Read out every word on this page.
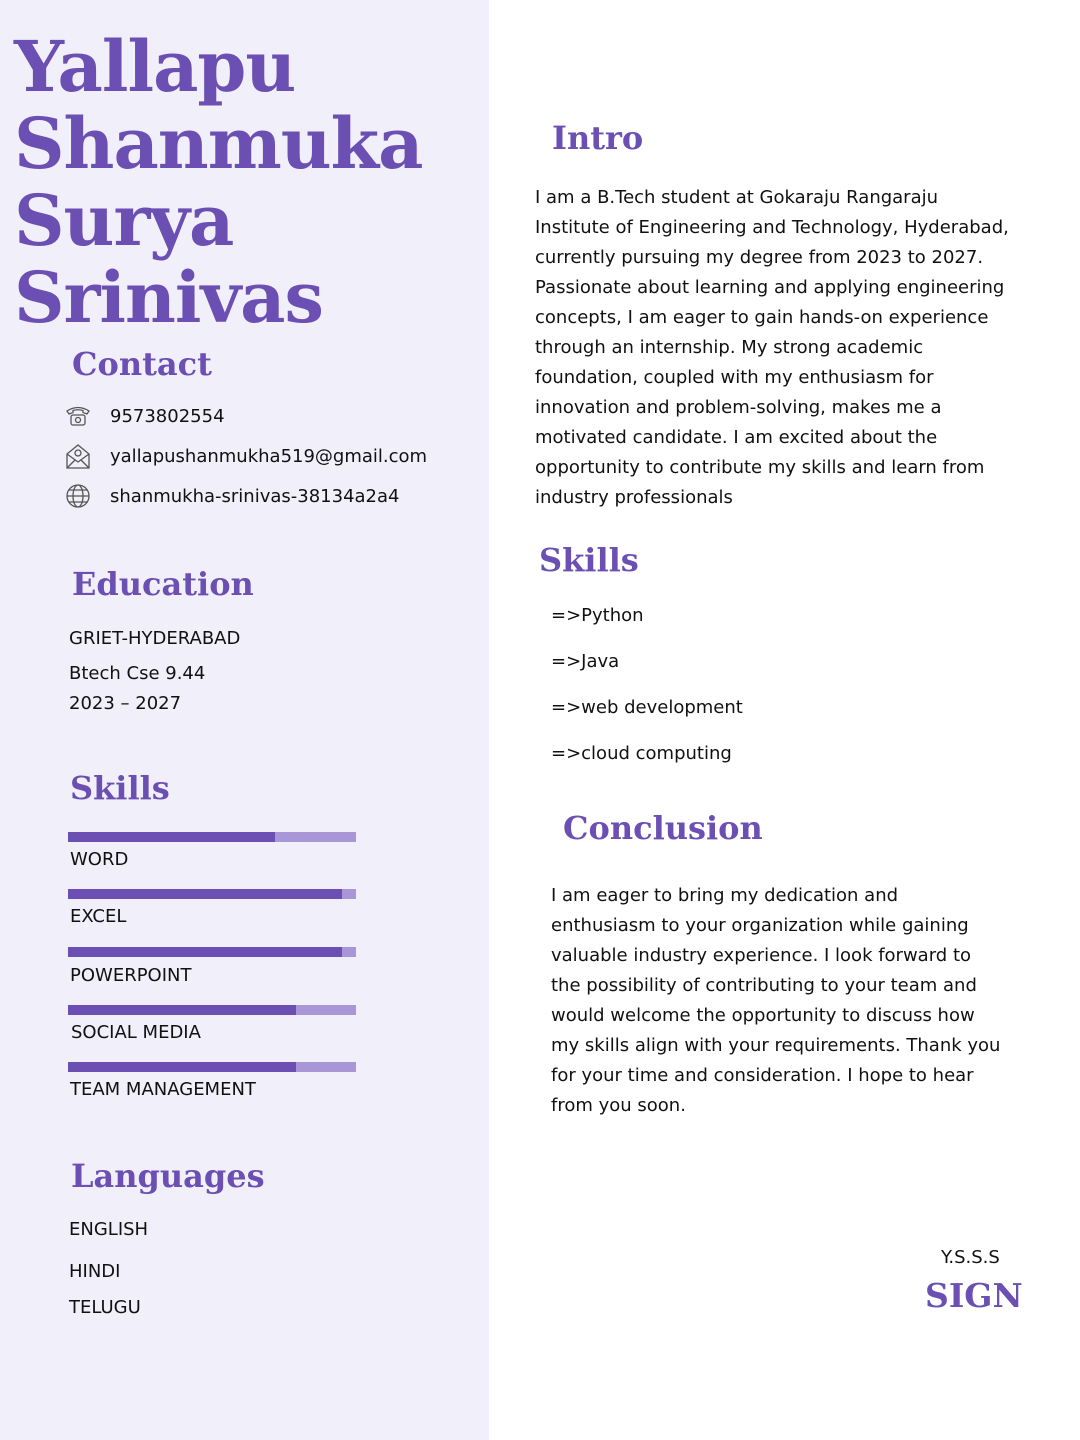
Yallapu
Shanmuka
Surya
Srinivas
Contact
9573802554
yallapushanmukha519@gmail.com
shanmukha-srinivas-38134a2a4
Education
GRIET-HYDERABAD
Btech Cse 9.44
2023 – 2027
Skills
WORD
EXCEL
POWERPOINT
SOCIAL MEDIA
TEAM MANAGEMENT
Languages
ENGLISH
HINDI
TELUGU
Intro

I am a B.Tech student at Gokaraju Rangaraju Institute of Engineering and Technology, Hyderabad, currently pursuing my degree from 2023 to 2027. Passionate about learning and applying engineering concepts, I am eager to gain hands-on experience through an internship. My strong academic foundation, coupled with my enthusiasm for innovation and problem-solving, makes me a motivated candidate. I am excited about the opportunity to contribute my skills and learn from industry professionals

Skills
=>Python
=>Java
=>web development
=>cloud computing
Conclusion

I am eager to bring my dedication and enthusiasm to your organization while gaining valuable industry experience. I look forward to the possibility of contributing to your team and would welcome the opportunity to discuss how my skills align with your requirements. Thank you for your time and consideration. I hope to hear from you soon.

Y.S.S.S
SIGN
